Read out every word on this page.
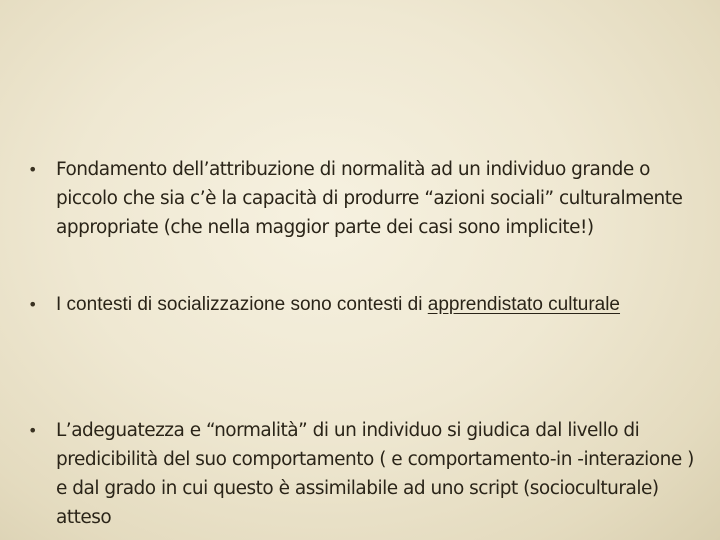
• Fondamento dell’attribuzione di normalità ad un individuo grande o piccolo che sia c’è la capacità di produrre “azioni sociali” culturalmente appropriate (che nella maggior parte dei casi sono implicite!)
• I contesti di socializzazione sono contesti di apprendistato culturale
• L’adeguatezza e “normalità” di un individuo si giudica dal livello di predicibilità del suo comportamento ( e comportamento-in -interazione ) e dal grado in cui questo è assimilabile ad uno script (socioculturale) atteso
